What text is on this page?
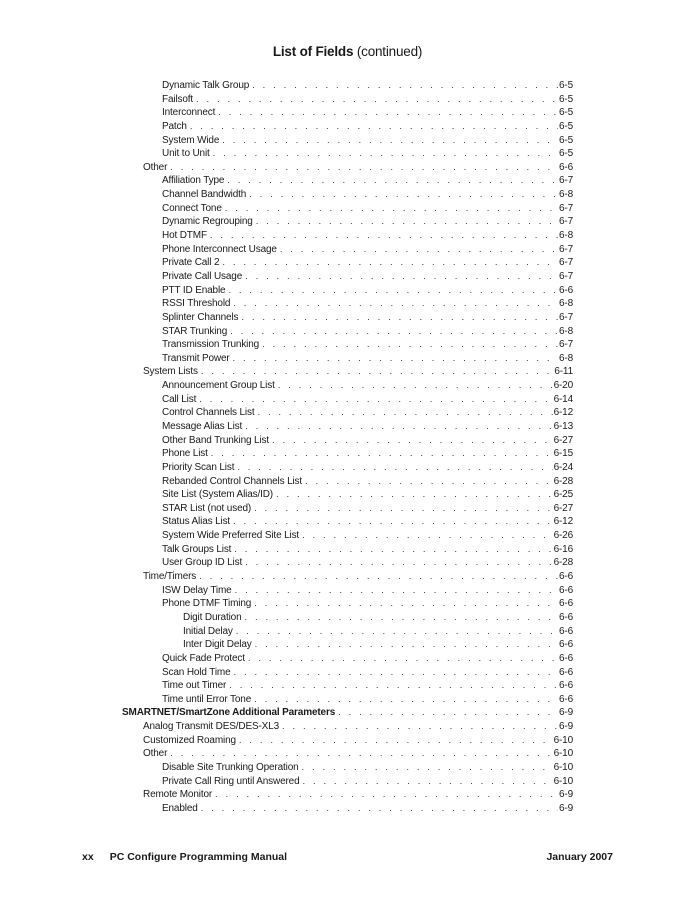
List of Fields (continued)
Dynamic Talk Group . . .	6-5
Failsoft . . .	6-5
Interconnect . . .	6-5
Patch . . .	6-5
System Wide . . .	6-5
Unit to Unit . . .	6-5
Other . . .	6-6
Affiliation Type . . .	6-7
Channel Bandwidth . . .	6-8
Connect Tone . . .	6-7
Dynamic Regrouping . . .	6-7
Hot DTMF . . .	6-8
Phone Interconnect Usage . . .	6-7
Private Call 2 . . .	6-7
Private Call Usage . . .	6-7
PTT ID Enable . . .	6-6
RSSI Threshold . . .	6-8
Splinter Channels . . .	6-7
STAR Trunking . . .	6-8
Transmission Trunking . . .	6-7
Transmit Power . . .	6-8
System Lists . . .	6-11
Announcement Group List . . .	6-20
Call List . . .	6-14
Control Channels List . . .	6-12
Message Alias List . . .	6-13
Other Band Trunking List . . .	6-27
Phone List . . .	6-15
Priority Scan List . . .	6-24
Rebanded Control Channels List . . .	6-28
Site List (System Alias/ID) . . .	6-25
STAR List (not used) . . .	6-27
Status Alias List . . .	6-12
System Wide Preferred Site List . . .	6-26
Talk Groups List . . .	6-16
User Group ID List . . .	6-28
Time/Timers . . .	6-6
ISW Delay Time . . .	6-6
Phone DTMF Timing . . .	6-6
Digit Duration . . .	6-6
Initial Delay . . .	6-6
Inter Digit Delay . . .	6-6
Quick Fade Protect . . .	6-6
Scan Hold Time . . .	6-6
Time out Timer . . .	6-6
Time until Error Tone . . .	6-6
SMARTNET/SmartZone Additional Parameters . . .	6-9
Analog Transmit DES/DES-XL3 . . .	6-9
Customized Roaming . . .	6-10
Other . . .	6-10
Disable Site Trunking Operation . . .	6-10
Private Call Ring until Answered . . .	6-10
Remote Monitor . . .	6-9
Enabled . . .	6-9
xx PC Configure Programming Manual	January 2007
